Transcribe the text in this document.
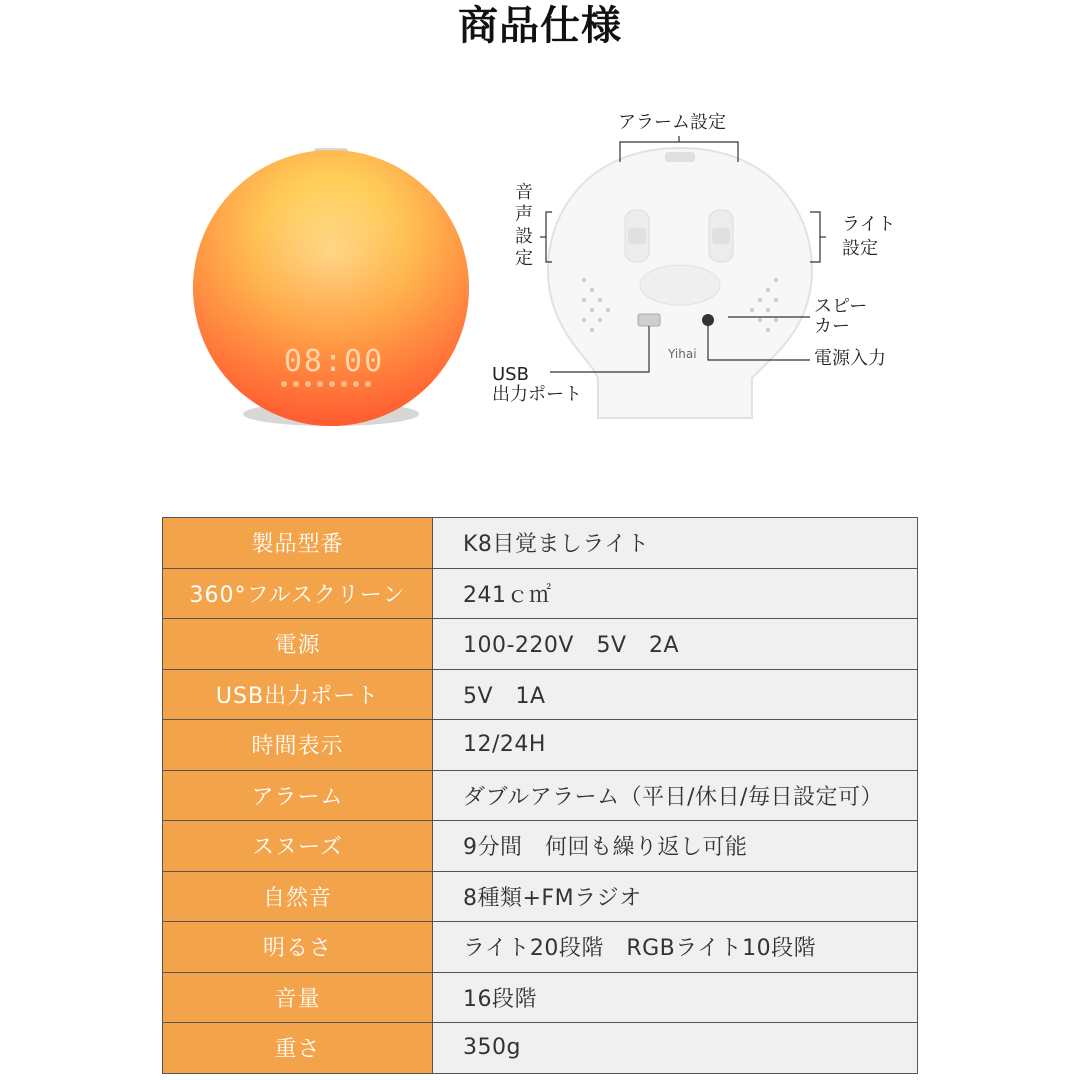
商品仕様
08:00	Yihai
アラーム設定
音
声
設
定
ライト
設定
スピー
カー
電源入力
USB
出力ポート
製品型番	K8目覚ましライト
360°フルスクリーン	241ｃ㎡
電源	100-220V　5V　2A
USB出力ポート	5V　1A
時間表示	12/24H
アラーム	ダブルアラーム（平日/休日/毎日設定可）
スヌーズ	9分間　何回も繰り返し可能
自然音	8種類+FMラジオ
明るさ	ライト20段階　RGBライト10段階
音量	16段階
重さ	350g
